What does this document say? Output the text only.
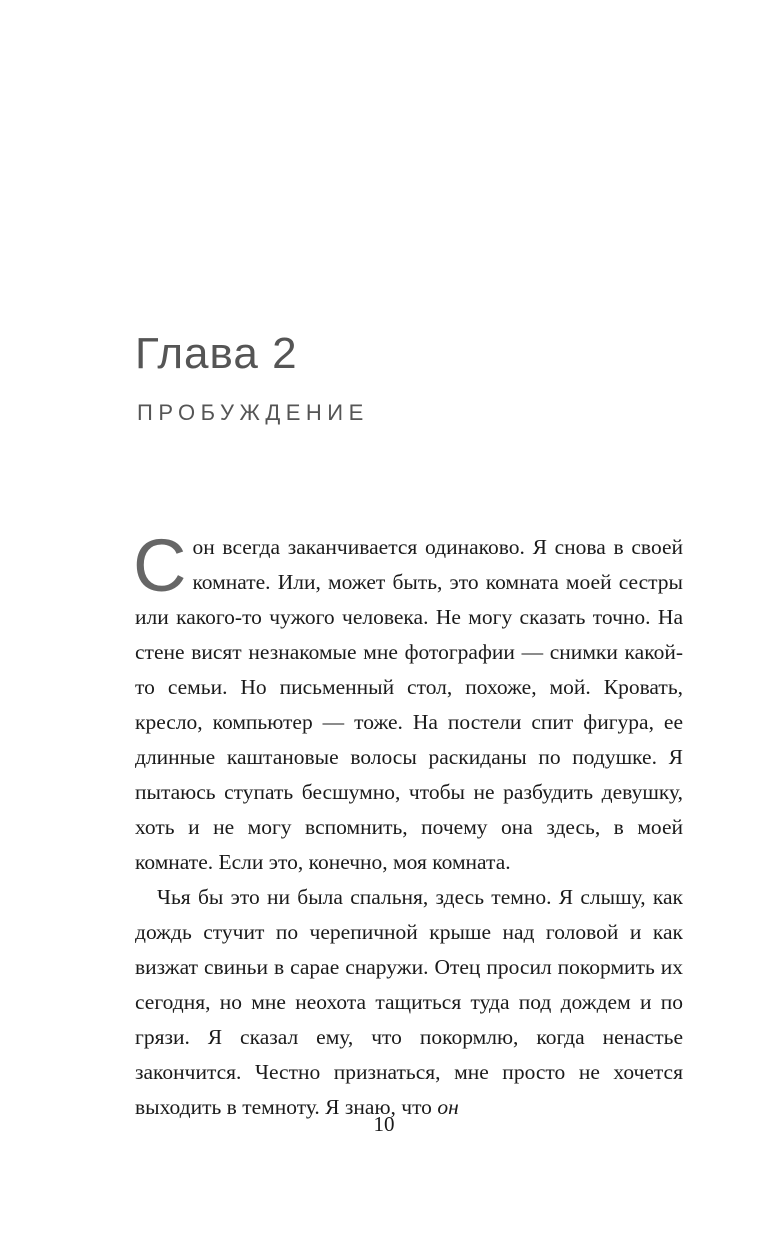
Глава 2
ПРОБУЖДЕНИЕ

Сон всегда заканчивается одинаково. Я снова в своей комнате. Или, может быть, это комната моей сестры или какого-то чужого человека. Не могу сказать точно. На стене висят незнакомые мне фотографии — снимки какой-то семьи. Но письменный стол, похоже, мой. Кровать, кресло, компьютер — тоже. На постели спит фигура, ее длинные каштановые волосы раскиданы по подушке. Я пытаюсь ступать бесшумно, чтобы не разбудить девушку, хоть и не могу вспомнить, почему она здесь, в моей комнате. Если это, конечно, моя комната.

Чья бы это ни была спальня, здесь темно. Я слышу, как дождь стучит по черепичной крыше над головой и как визжат свиньи в сарае снаружи. Отец просил покормить их сегодня, но мне неохота тащиться туда под дождем и по грязи. Я сказал ему, что покормлю, когда ненастье закончится. Честно признаться, мне просто не хочется выходить в темноту. Я знаю, что он

10
